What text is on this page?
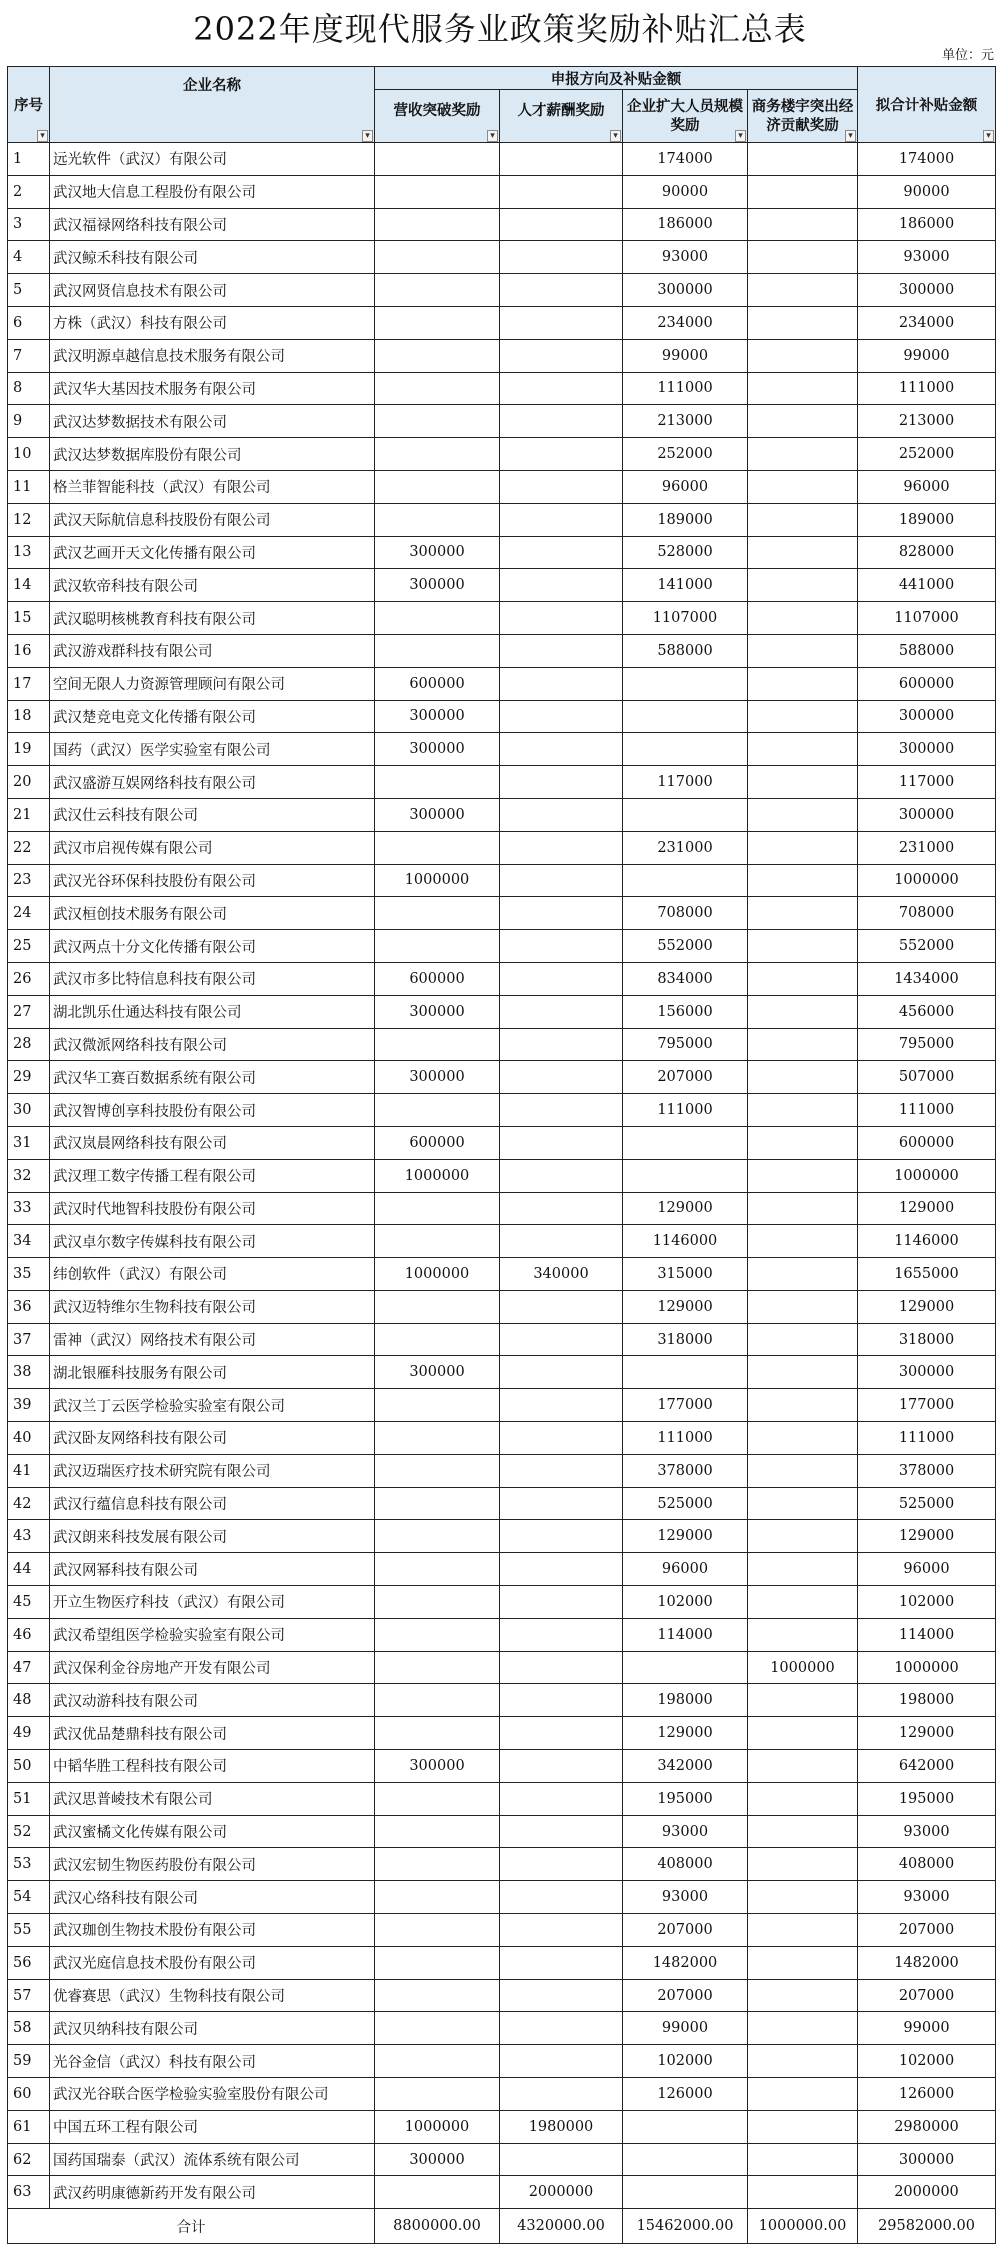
2022年度现代服务业政策奖励补贴汇总表
单位：元
序号 ▾	企业名称 ▾	申报方向及补贴金额				拟合计补贴金额 ▾
		营收突破奖励 ▾	人才薪酬奖励 ▾	企业扩大人员规模奖励 ▾	商务楼宇突出经济贡献奖励 ▾
1	远光软件（武汉）有限公司			174000		174000
2	武汉地大信息工程股份有限公司			90000		90000
3	武汉福禄网络科技有限公司			186000		186000
4	武汉鲸禾科技有限公司			93000		93000
5	武汉网贤信息技术有限公司			300000		300000
6	方株（武汉）科技有限公司			234000		234000
7	武汉明源卓越信息技术服务有限公司			99000		99000
8	武汉华大基因技术服务有限公司			111000		111000
9	武汉达梦数据技术有限公司			213000		213000
10	武汉达梦数据库股份有限公司			252000		252000
11	格兰菲智能科技（武汉）有限公司			96000		96000
12	武汉天际航信息科技股份有限公司			189000		189000
13	武汉艺画开天文化传播有限公司	300000		528000		828000
14	武汉软帝科技有限公司	300000		141000		441000
15	武汉聪明核桃教育科技有限公司			1107000		1107000
16	武汉游戏群科技有限公司			588000		588000
17	空间无限人力资源管理顾问有限公司	600000				600000
18	武汉楚竞电竞文化传播有限公司	300000				300000
19	国药（武汉）医学实验室有限公司	300000				300000
20	武汉盛游互娱网络科技有限公司			117000		117000
21	武汉仕云科技有限公司	300000				300000
22	武汉市启视传媒有限公司			231000		231000
23	武汉光谷环保科技股份有限公司	1000000				1000000
24	武汉桓创技术服务有限公司			708000		708000
25	武汉两点十分文化传播有限公司			552000		552000
26	武汉市多比特信息科技有限公司	600000		834000		1434000
27	湖北凯乐仕通达科技有限公司	300000		156000		456000
28	武汉微派网络科技有限公司			795000		795000
29	武汉华工赛百数据系统有限公司	300000		207000		507000
30	武汉智博创享科技股份有限公司			111000		111000
31	武汉岚晨网络科技有限公司	600000				600000
32	武汉理工数字传播工程有限公司	1000000				1000000
33	武汉时代地智科技股份有限公司			129000		129000
34	武汉卓尔数字传媒科技有限公司			1146000		1146000
35	纬创软件（武汉）有限公司	1000000	340000	315000		1655000
36	武汉迈特维尔生物科技有限公司			129000		129000
37	雷神（武汉）网络技术有限公司			318000		318000
38	湖北银雁科技服务有限公司	300000				300000
39	武汉兰丁云医学检验实验室有限公司			177000		177000
40	武汉卧友网络科技有限公司			111000		111000
41	武汉迈瑞医疗技术研究院有限公司			378000		378000
42	武汉行蕴信息科技有限公司			525000		525000
43	武汉朗来科技发展有限公司			129000		129000
44	武汉网幂科技有限公司			96000		96000
45	开立生物医疗科技（武汉）有限公司			102000		102000
46	武汉希望组医学检验实验室有限公司			114000		114000
47	武汉保利金谷房地产开发有限公司				1000000	1000000
48	武汉动游科技有限公司			198000		198000
49	武汉优品楚鼎科技有限公司			129000		129000
50	中韬华胜工程科技有限公司	300000		342000		642000
51	武汉思普崚技术有限公司			195000		195000
52	武汉蜜橘文化传媒有限公司			93000		93000
53	武汉宏韧生物医药股份有限公司			408000		408000
54	武汉心络科技有限公司			93000		93000
55	武汉珈创生物技术股份有限公司			207000		207000
56	武汉光庭信息技术股份有限公司			1482000		1482000
57	优睿赛思（武汉）生物科技有限公司			207000		207000
58	武汉贝纳科技有限公司			99000		99000
59	光谷金信（武汉）科技有限公司			102000		102000
60	武汉光谷联合医学检验实验室股份有限公司			126000		126000
61	中国五环工程有限公司	1000000	1980000			2980000
62	国药国瑞泰（武汉）流体系统有限公司	300000				300000
63	武汉药明康德新药开发有限公司		2000000			2000000
合计		8800000.00	4320000.00	15462000.00	1000000.00	29582000.00
